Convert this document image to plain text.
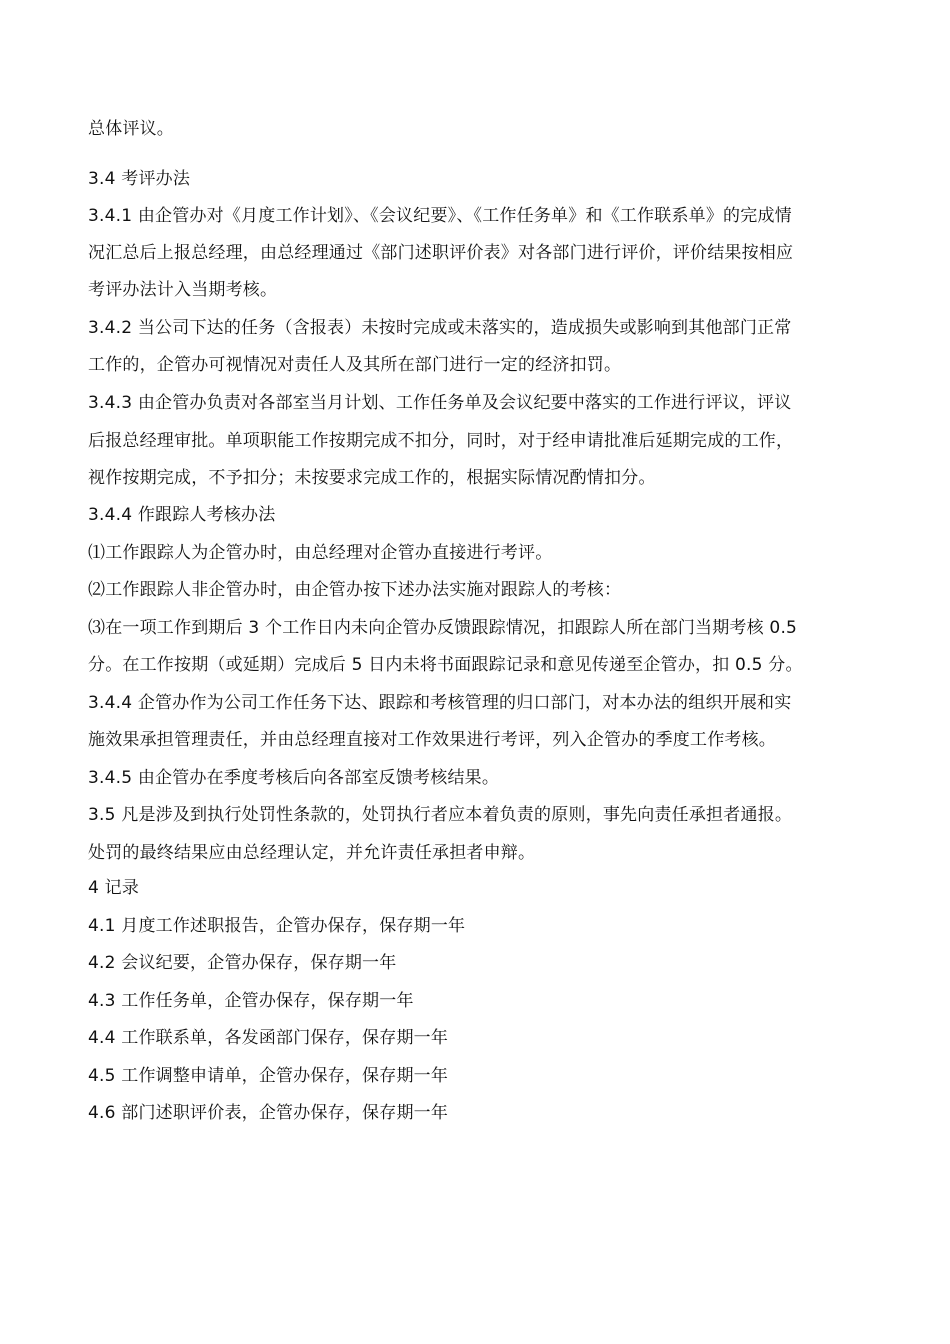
总体评议。
3.4 考评办法
3.4.1 由企管办对《月度工作计划》、《会议纪要》、《工作任务单》和《工作联系单》的完成情
况汇总后上报总经理，由总经理通过《部门述职评价表》对各部门进行评价，评价结果按相应
考评办法计入当期考核。
3.4.2 当公司下达的任务（含报表）未按时完成或未落实的，造成损失或影响到其他部门正常
工作的，企管办可视情况对责任人及其所在部门进行一定的经济扣罚。
3.4.3 由企管办负责对各部室当月计划、工作任务单及会议纪要中落实的工作进行评议，评议
后报总经理审批。单项职能工作按期完成不扣分，同时，对于经申请批准后延期完成的工作，
视作按期完成，不予扣分；未按要求完成工作的，根据实际情况酌情扣分。
3.4.4 作跟踪人考核办法
⑴工作跟踪人为企管办时，由总经理对企管办直接进行考评。
⑵工作跟踪人非企管办时，由企管办按下述办法实施对跟踪人的考核：
⑶在一项工作到期后 3 个工作日内未向企管办反馈跟踪情况，扣跟踪人所在部门当期考核 0.5
分。在工作按期（或延期）完成后 5 日内未将书面跟踪记录和意见传递至企管办，扣 0.5 分。
3.4.4 企管办作为公司工作任务下达、跟踪和考核管理的归口部门，对本办法的组织开展和实
施效果承担管理责任，并由总经理直接对工作效果进行考评，列入企管办的季度工作考核。
3.4.5 由企管办在季度考核后向各部室反馈考核结果。
3.5 凡是涉及到执行处罚性条款的，处罚执行者应本着负责的原则，事先向责任承担者通报。
处罚的最终结果应由总经理认定，并允许责任承担者申辩。
4 记录
4.1 月度工作述职报告，企管办保存，保存期一年
4.2 会议纪要，企管办保存，保存期一年
4.3 工作任务单，企管办保存，保存期一年
4.4 工作联系单，各发函部门保存，保存期一年
4.5 工作调整申请单，企管办保存，保存期一年
4.6 部门述职评价表，企管办保存，保存期一年
